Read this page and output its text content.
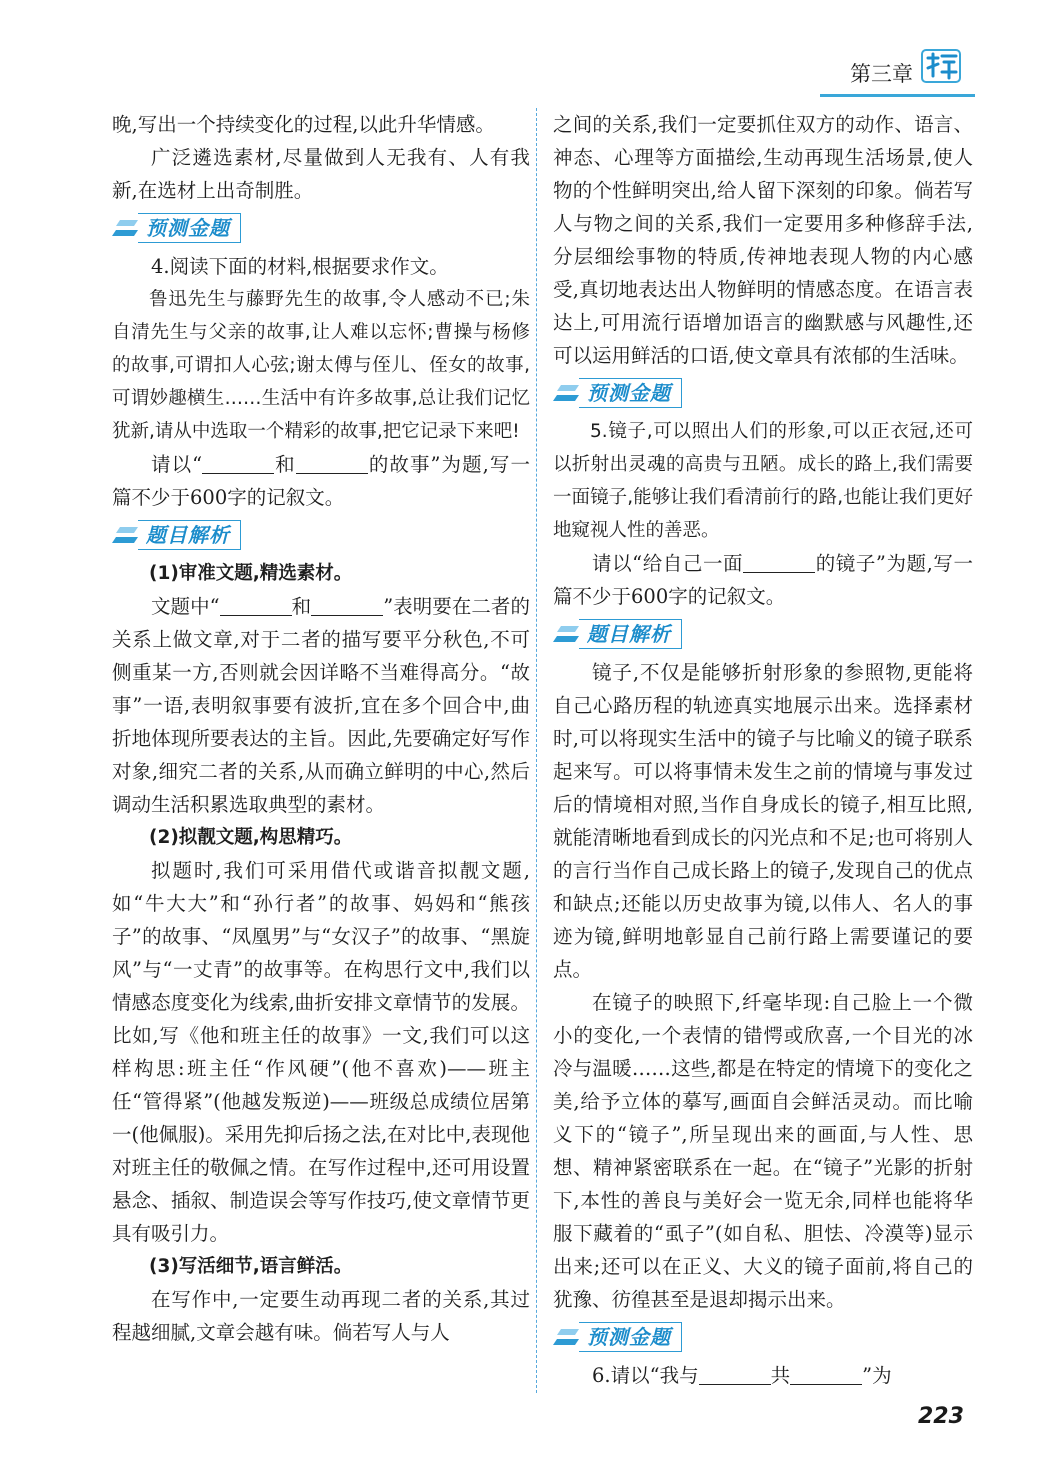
第三章

晚,写出一个持续变化的过程,以此升华情感。

广泛遴选素材,尽量做到人无我有、人有我新,在选材上出奇制胜。

预测金题

4.阅读下面的材料,根据要求作文。

鲁迅先生与藤野先生的故事,令人感动不已;朱自清先生与父亲的故事,让人难以忘怀;曹操与杨修的故事,可谓扣人心弦;谢太傅与侄儿、侄女的故事,可谓妙趣横生……生活中有许多故事,总让我们记忆犹新,请从中选取一个精彩的故事,把它记录下来吧!

请以“	和	的故事”为题,写一篇不少于600字的记叙文。

题目解析

(1)审准文题,精选素材。

文题中“	和	”表明要在二者的关系上做文章,对于二者的描写要平分秋色,不可侧重某一方,否则就会因详略不当难得高分。“故事”一语,表明叙事要有波折,宜在多个回合中,曲折地体现所要表达的主旨。因此,先要确定好写作对象,细究二者的关系,从而确立鲜明的中心,然后调动生活积累选取典型的素材。

(2)拟靓文题,构思精巧。

拟题时,我们可采用借代或谐音拟靓文题,如“牛大大”和“孙行者”的故事、妈妈和“熊孩子”的故事、“凤凰男”与“女汉子”的故事、“黑旋风”与“一丈青”的故事等。在构思行文中,我们以情感态度变化为线索,曲折安排文章情节的发展。比如,写《他和班主任的故事》一文,我们可以这样构思:班主任“作风硬”(他不喜欢)——班主任“管得紧”(他越发叛逆)——班级总成绩位居第一(他佩服)。采用先抑后扬之法,在对比中,表现他对班主任的敬佩之情。在写作过程中,还可用设置悬念、插叙、制造误会等写作技巧,使文章情节更具有吸引力。

(3)写活细节,语言鲜活。

在写作中,一定要生动再现二者的关系,其过程越细腻,文章会越有味。倘若写人与人

之间的关系,我们一定要抓住双方的动作、语言、神态、心理等方面描绘,生动再现生活场景,使人物的个性鲜明突出,给人留下深刻的印象。倘若写人与物之间的关系,我们一定要用多种修辞手法,分层细绘事物的特质,传神地表现人物的内心感受,真切地表达出人物鲜明的情感态度。在语言表达上,可用流行语增加语言的幽默感与风趣性,还可以运用鲜活的口语,使文章具有浓郁的生活味。

预测金题

5.镜子,可以照出人们的形象,可以正衣冠,还可以折射出灵魂的高贵与丑陋。成长的路上,我们需要一面镜子,能够让我们看清前行的路,也能让我们更好地窥视人性的善恶。

请以“给自己一面	的镜子”为题,写一篇不少于600字的记叙文。

题目解析

镜子,不仅是能够折射形象的参照物,更能将自己心路历程的轨迹真实地展示出来。选择素材时,可以将现实生活中的镜子与比喻义的镜子联系起来写。可以将事情未发生之前的情境与事发过后的情境相对照,当作自身成长的镜子,相互比照,就能清晰地看到成长的闪光点和不足;也可将别人的言行当作自己成长路上的镜子,发现自己的优点和缺点;还能以历史故事为镜,以伟人、名人的事迹为镜,鲜明地彰显自己前行路上需要谨记的要点。

在镜子的映照下,纤毫毕现:自己脸上一个微小的变化,一个表情的错愕或欣喜,一个目光的冰冷与温暖……这些,都是在特定的情境下的变化之美,给予立体的摹写,画面自会鲜活灵动。而比喻义下的“镜子”,所呈现出来的画面,与人性、思想、精神紧密联系在一起。在“镜子”光影的折射下,本性的善良与美好会一览无余,同样也能将华服下藏着的“虱子”(如自私、胆怯、冷漠等)显示出来;还可以在正义、大义的镜子面前,将自己的犹豫、彷徨甚至是退却揭示出来。

预测金题

6.请以“我与	共	”为

223
